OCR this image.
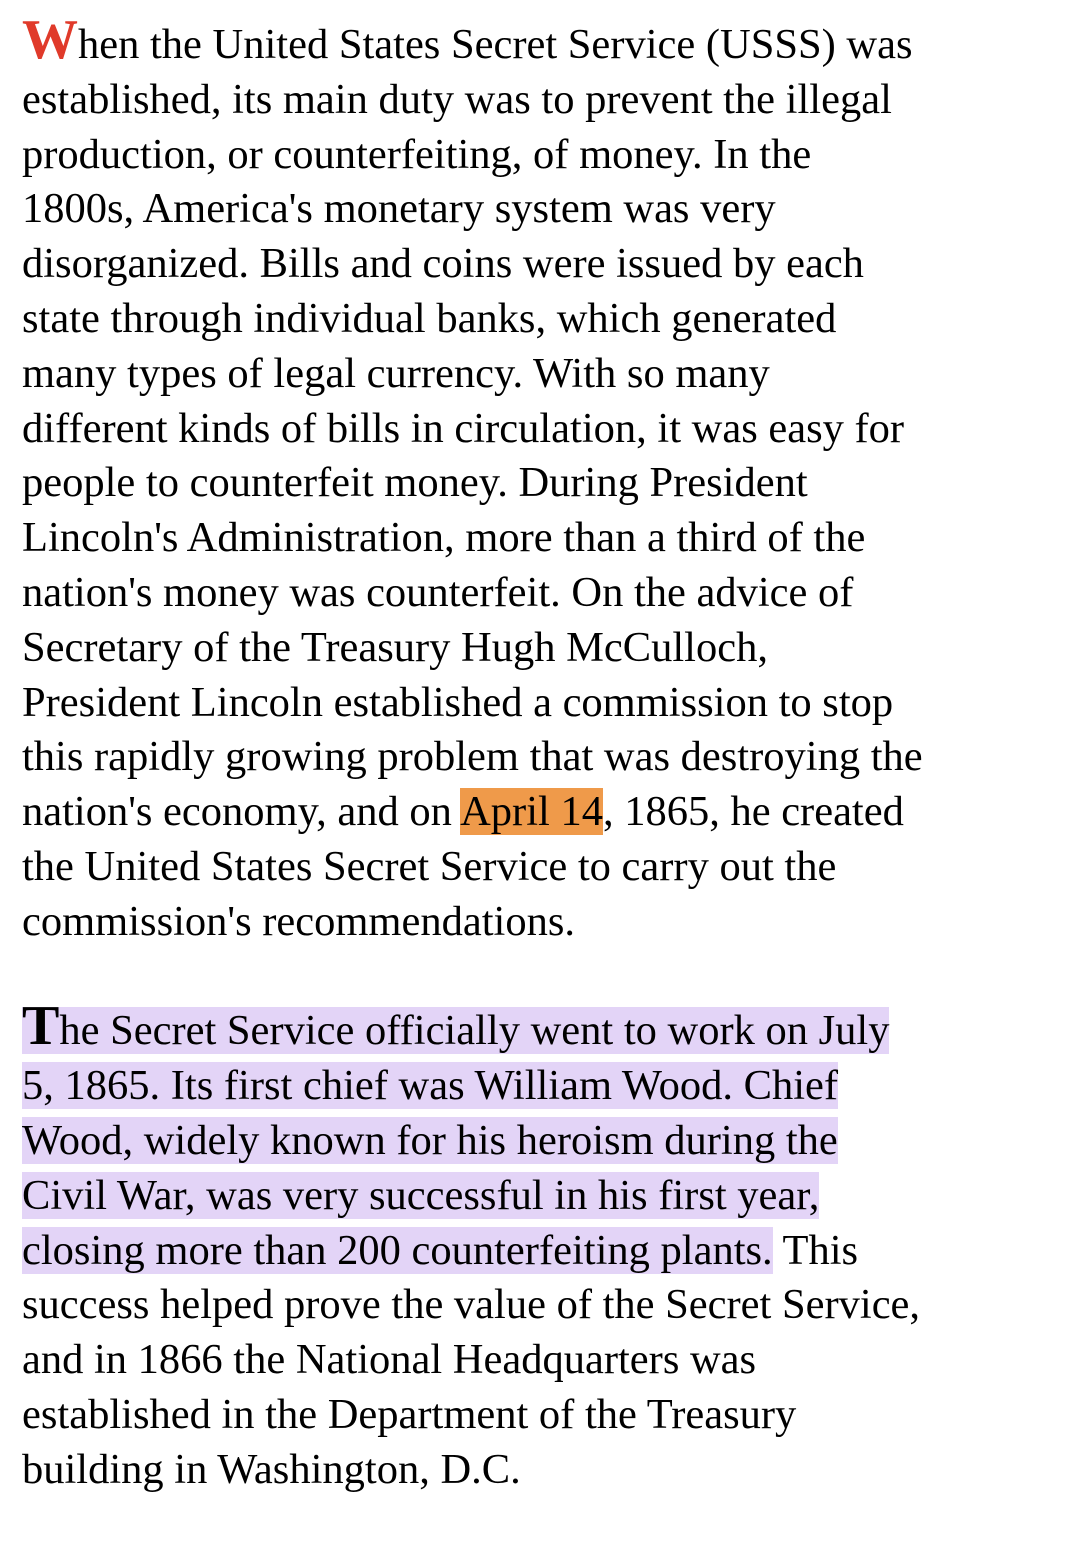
When the United States Secret Service (USSS) was
established, its main duty was to prevent the illegal
production, or counterfeiting, of money. In the
1800s, America's monetary system was very
disorganized. Bills and coins were issued by each
state through individual banks, which generated
many types of legal currency. With so many
different kinds of bills in circulation, it was easy for
people to counterfeit money. During President
Lincoln's Administration, more than a third of the
nation's money was counterfeit. On the advice of
Secretary of the Treasury Hugh McCulloch,
President Lincoln established a commission to stop
this rapidly growing problem that was destroying the
nation's economy, and on April 14, 1865, he created
the United States Secret Service to carry out the
commission's recommendations.

The Secret Service officially went to work on July
5, 1865. Its first chief was William Wood. Chief
Wood, widely known for his heroism during the
Civil War, was very successful in his first year,
closing more than 200 counterfeiting plants. This
success helped prove the value of the Secret Service,
and in 1866 the National Headquarters was
established in the Department of the Treasury
building in Washington, D.C.
